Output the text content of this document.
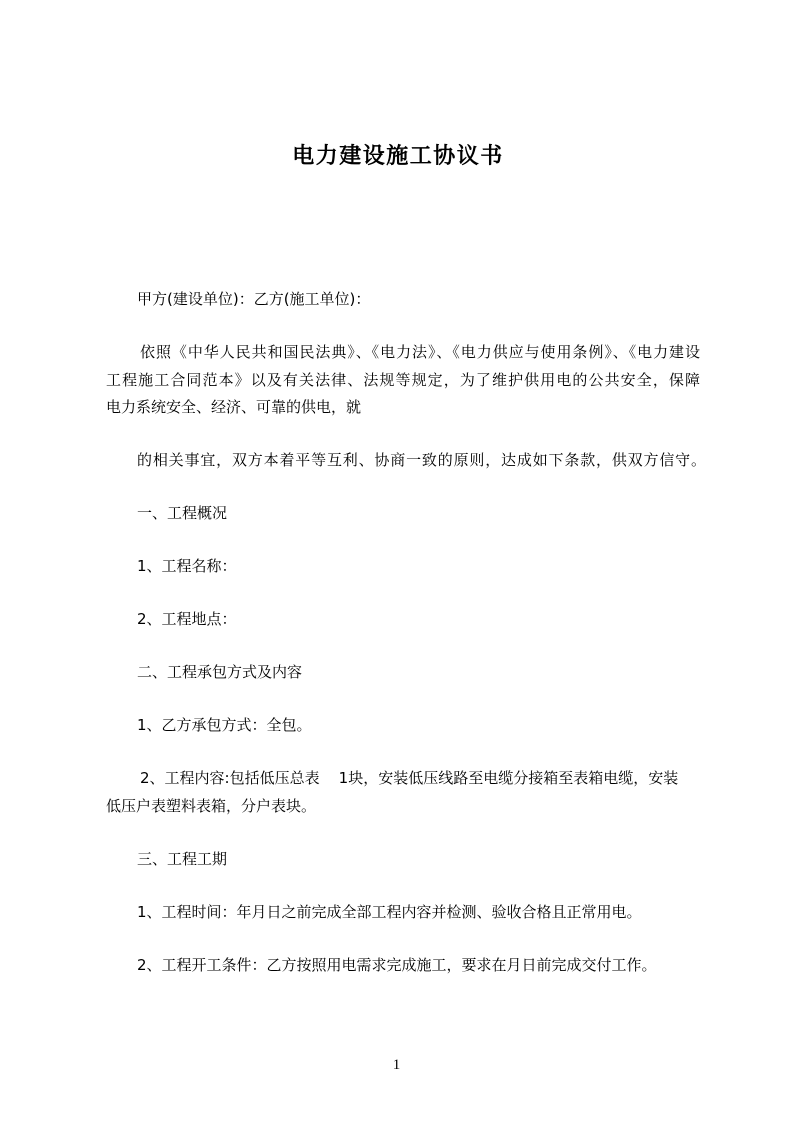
电力建设施工协议书
甲方(建设单位)：乙方(施工单位)：
依照《中华人民共和国民法典》、《电力法》、《电力供应与使用条例》、《电力建设
工程施工合同范本》以及有关法律、法规等规定，为了维护供用电的公共安全，保障
电力系统安全、经济、可靠的供电，就
的相关事宜，双方本着平等互利、协商一致的原则，达成如下条款，供双方信守。
一、工程概况
1、工程名称：
2、工程地点：
二、工程承包方式及内容
1、乙方承包方式：全包。
2、工程内容:包括低压总表    1块，安装低压线路至电缆分接箱至表箱电缆，安装
低压户表塑料表箱，分户表块。
三、工程工期
1、工程时间：年月日之前完成全部工程内容并检测、验收合格且正常用电。
2、工程开工条件：乙方按照用电需求完成施工，要求在月日前完成交付工作。
1
